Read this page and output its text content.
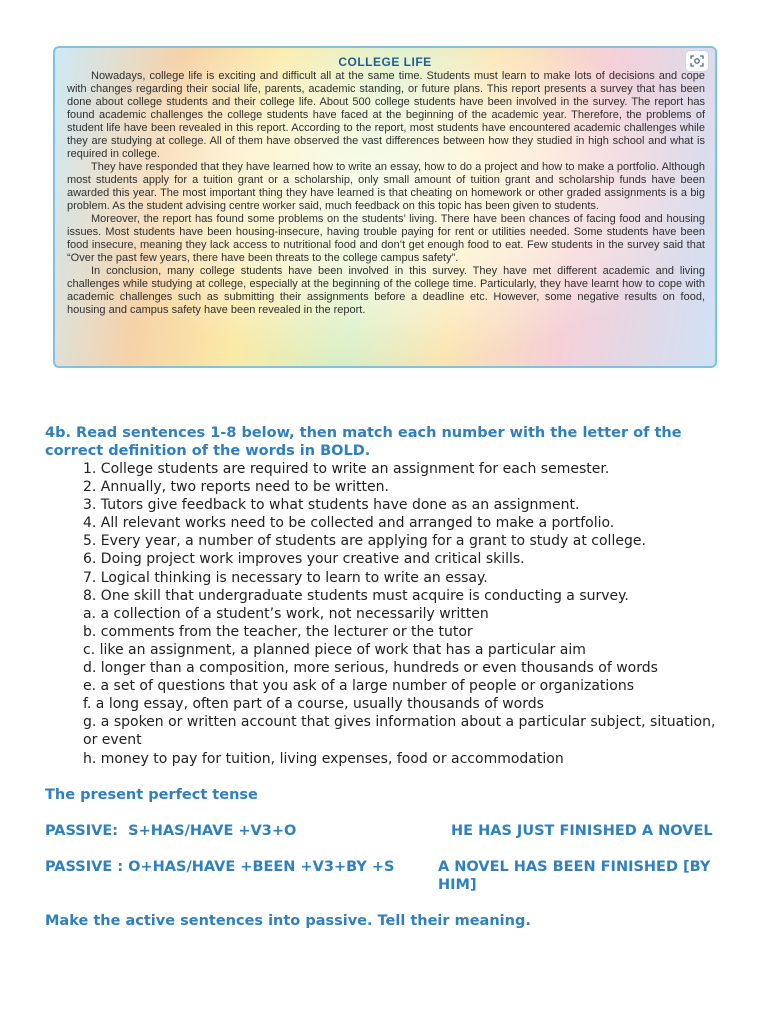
COLLEGE LIFE

Nowadays, college life is exciting and difficult all at the same time. Students must learn to make lots of decisions and cope with changes regarding their social life, parents, academic standing, or future plans. This report presents a survey that has been done about college students and their college life. About 500 college students have been involved in the survey. The report has found academic challenges the college students have faced at the beginning of the academic year. Therefore, the problems of student life have been revealed in this report. According to the report, most students have encountered academic challenges while they are studying at college. All of them have observed the vast differences between how they studied in high school and what is required in college.

They have responded that they have learned how to write an essay, how to do a project and how to make a portfolio. Although most students apply for a tuition grant or a scholarship, only small amount of tuition grant and scholarship funds have been awarded this year. The most important thing they have learned is that cheating on homework or other graded assignments is a big problem. As the student advising centre worker said, much feedback on this topic has been given to students.

Moreover, the report has found some problems on the students’ living. There have been chances of facing food and housing issues. Most students have been housing-insecure, having trouble paying for rent or utilities needed. Some students have been food insecure, meaning they lack access to nutritional food and don’t get enough food to eat. Few students in the survey said that “Over the past few years, there have been threats to the college campus safety”.

In conclusion, many college students have been involved in this survey. They have met different academic and living challenges while studying at college, especially at the beginning of the college time. Particularly, they have learnt how to cope with academic challenges such as submitting their assignments before a deadline etc. However, some negative results on food, housing and campus safety have been revealed in the report.

4b. Read sentences 1-8 below, then match each number with the letter of the correct definition of the words in BOLD.
1. College students are required to write an assignment for each semester.
2. Annually, two reports need to be written.
3. Tutors give feedback to what students have done as an assignment.
4. All relevant works need to be collected and arranged to make a portfolio.
5. Every year, a number of students are applying for a grant to study at college.
6. Doing project work improves your creative and critical skills.
7. Logical thinking is necessary to learn to write an essay.
8. One skill that undergraduate students must acquire is conducting a survey.
a. a collection of a student’s work, not necessarily written
b. comments from the teacher, the lecturer or the tutor
c. like an assignment, a planned piece of work that has a particular aim
d. longer than a composition, more serious, hundreds or even thousands of words
e. a set of questions that you ask of a large number of people or organizations
f. a long essay, often part of a course, usually thousands of words
g. a spoken or written account that gives information about a particular subject, situation, or event
h. money to pay for tuition, living expenses, food or accommodation
The present perfect tense
PASSIVE:  S+HAS/HAVE +V3+O	HE HAS JUST FINISHED A NOVEL
PASSIVE : O+HAS/HAVE +BEEN +V3+BY +S	A NOVEL HAS BEEN FINISHED [BY HIM]
Make the active sentences into passive. Tell their meaning.
